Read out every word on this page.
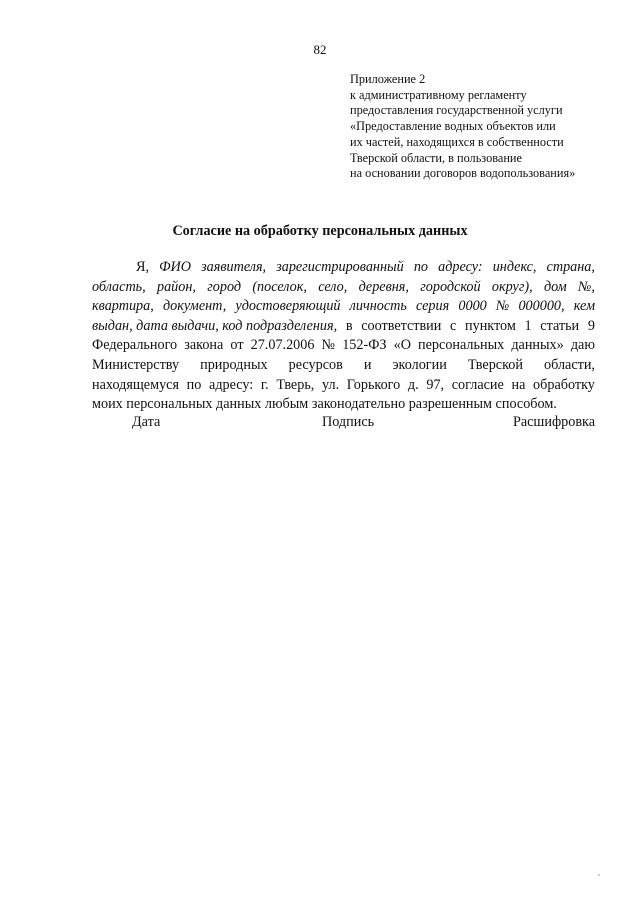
82
Приложение 2
к административному регламенту
предоставления государственной услуги
«Предоставление водных объектов или
их частей, находящихся в собственности
Тверской области, в пользование
на основании договоров водопользования»
Согласие на обработку персональных данных
Я, ФИО заявителя, зарегистрированный по адресу: индекс, страна,
область, район, город (поселок, село, деревня, городской округ), дом №,
квартира, документ, удостоверяющий личность серия 0000 № 000000, кем
выдан, дата выдачи, код подразделения, в соответствии с пунктом 1 статьи 9
Федерального закона от 27.07.2006 № 152-ФЗ «О персональных данных» даю
Министерству природных ресурсов и экологии Тверской области,
находящемуся по адресу: г. Тверь, ул. Горького д. 97, согласие на обработку
моих персональных данных любым законодательно разрешенным способом.
Дата	Подпись	Расшифровка
